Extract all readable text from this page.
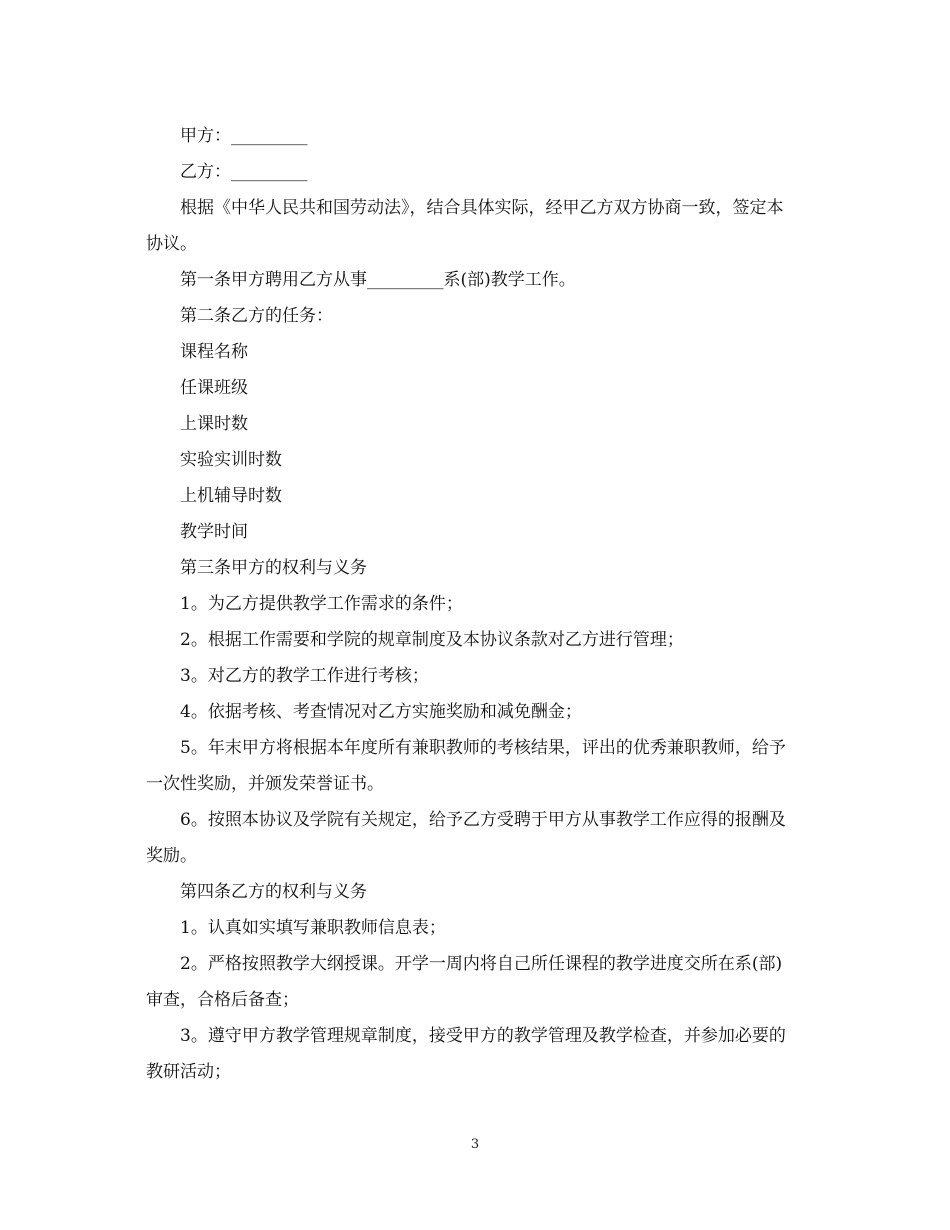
甲方：_________

乙方：_________

根据《中华人民共和国劳动法》，结合具体实际，经甲乙方双方协商一致，签定本协议。

第一条甲方聘用乙方从事_________系(部)教学工作。

第二条乙方的任务：

课程名称

任课班级

上课时数

实验实训时数

上机辅导时数

教学时间

第三条甲方的权利与义务

1。为乙方提供教学工作需求的条件；

2。根据工作需要和学院的规章制度及本协议条款对乙方进行管理；

3。对乙方的教学工作进行考核；

4。依据考核、考查情况对乙方实施奖励和减免酬金；

5。年末甲方将根据本年度所有兼职教师的考核结果，评出的优秀兼职教师，给予一次性奖励，并颁发荣誉证书。

6。按照本协议及学院有关规定，给予乙方受聘于甲方从事教学工作应得的报酬及奖励。

第四条乙方的权利与义务

1。认真如实填写兼职教师信息表；

2。严格按照教学大纲授课。开学一周内将自己所任课程的教学进度交所在系(部)审查，合格后备查；

3。遵守甲方教学管理规章制度，接受甲方的教学管理及教学检查，并参加必要的教研活动；

3
